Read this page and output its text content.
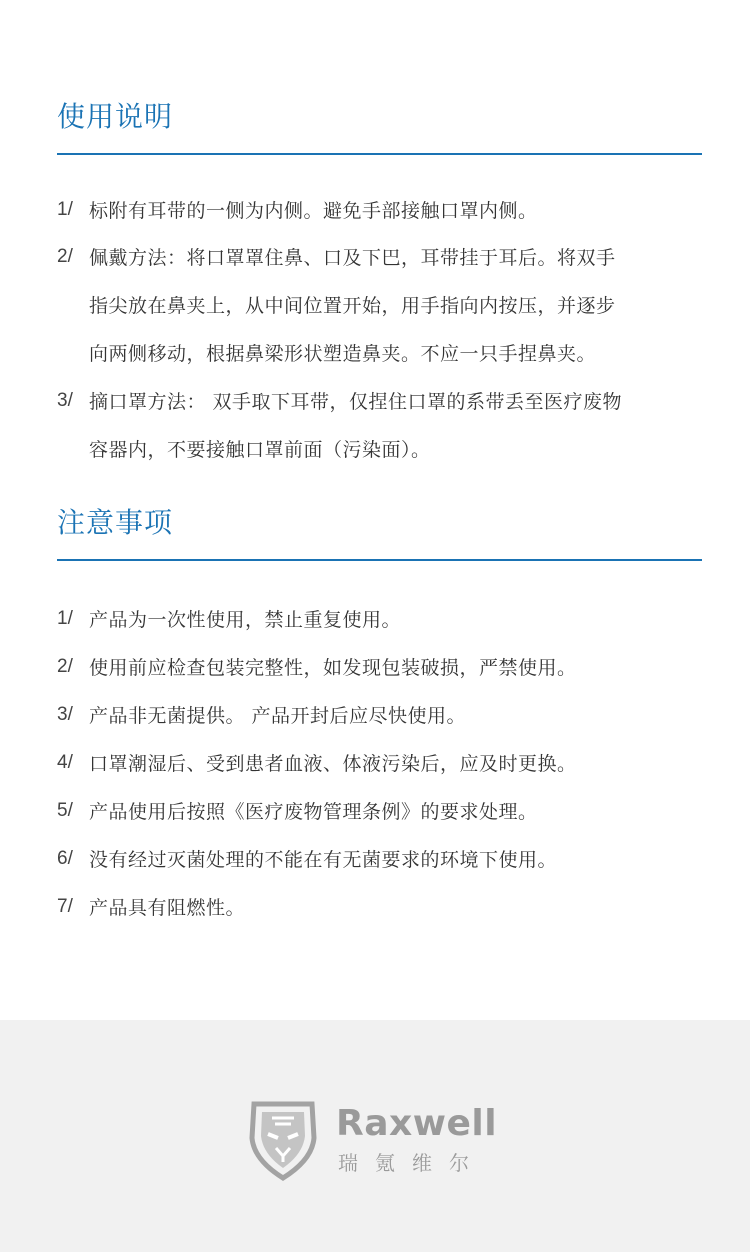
使用说明
1/ 标附有耳带的一侧为内侧。避免手部接触口罩内侧。
2/ 佩戴方法：将口罩罩住鼻、口及下巴，耳带挂于耳后。将双手
指尖放在鼻夹上，从中间位置开始，用手指向内按压，并逐步
向两侧移动，根据鼻梁形状塑造鼻夹。不应一只手捏鼻夹。
3/ 摘口罩方法： 双手取下耳带，仅捏住口罩的系带丢至医疗废物
容器内，不要接触口罩前面（污染面）。
注意事项
1/ 产品为一次性使用，禁止重复使用。
2/ 使用前应检查包装完整性，如发现包装破损，严禁使用。
3/ 产品非无菌提供。 产品开封后应尽快使用。
4/ 口罩潮湿后、受到患者血液、体液污染后，应及时更换。
5/ 产品使用后按照《医疗废物管理条例》的要求处理。
6/ 没有经过灭菌处理的不能在有无菌要求的环境下使用。
7/ 产品具有阻燃性。
Raxwell
瑞氪维尔
